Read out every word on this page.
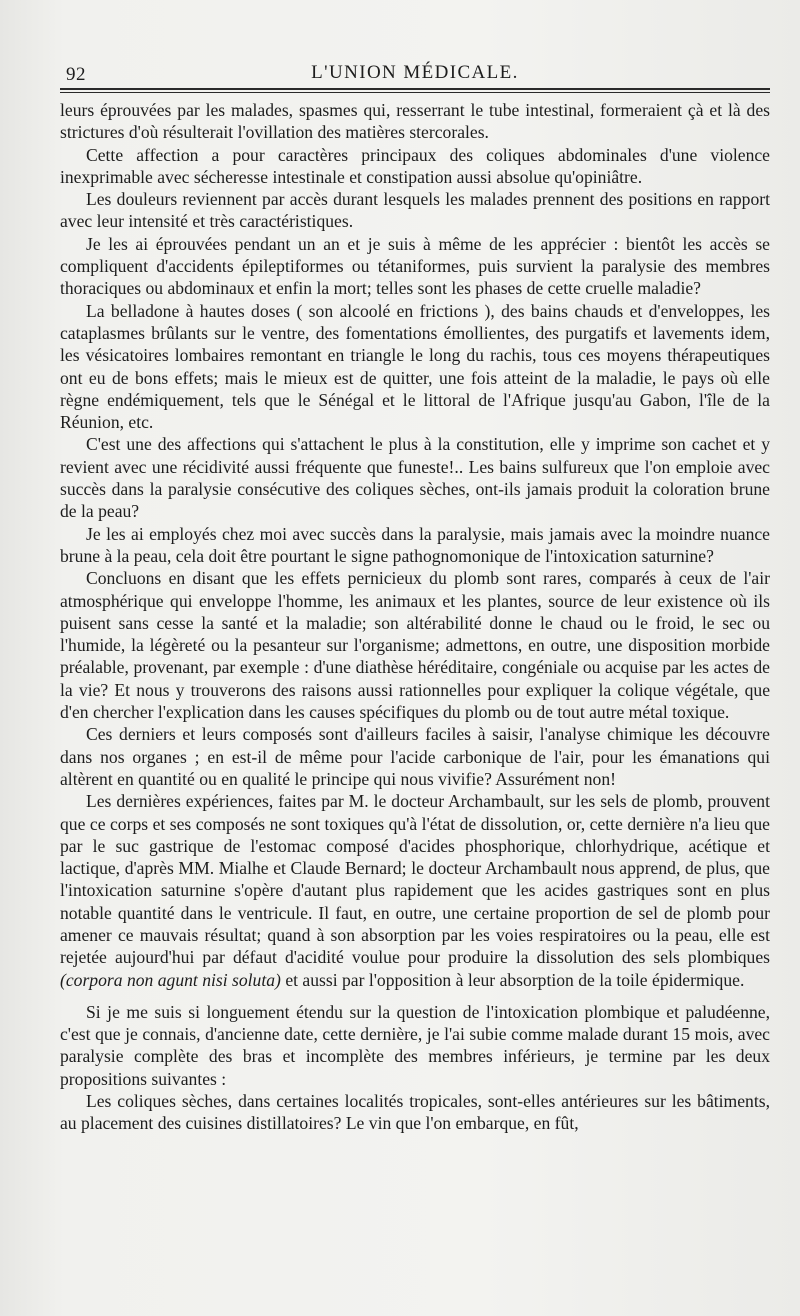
92	L'UNION MÉDICALE.

leurs éprouvées par les malades, spasmes qui, resserrant le tube intestinal, formeraient çà et là des strictures d'où résulterait l'ovillation des matières stercorales.

Cette affection a pour caractères principaux des coliques abdominales d'une violence inexprimable avec sécheresse intestinale et constipation aussi absolue qu'opiniâtre.

Les douleurs reviennent par accès durant lesquels les malades prennent des positions en rapport avec leur intensité et très caractéristiques.

Je les ai éprouvées pendant un an et je suis à même de les apprécier : bientôt les accès se compliquent d'accidents épileptiformes ou tétaniformes, puis survient la paralysie des membres thoraciques ou abdominaux et enfin la mort; telles sont les phases de cette cruelle maladie?

La belladone à hautes doses ( son alcoolé en frictions ), des bains chauds et d'enveloppes, les cataplasmes brûlants sur le ventre, des fomentations émollientes, des purgatifs et lavements idem, les vésicatoires lombaires remontant en triangle le long du rachis, tous ces moyens thérapeutiques ont eu de bons effets; mais le mieux est de quitter, une fois atteint de la maladie, le pays où elle règne endémiquement, tels que le Sénégal et le littoral de l'Afrique jusqu'au Gabon, l'île de la Réunion, etc.

C'est une des affections qui s'attachent le plus à la constitution, elle y imprime son cachet et y revient avec une récidivité aussi fréquente que funeste!.. Les bains sulfureux que l'on emploie avec succès dans la paralysie consécutive des coliques sèches, ont-ils jamais produit la coloration brune de la peau?

Je les ai employés chez moi avec succès dans la paralysie, mais jamais avec la moindre nuance brune à la peau, cela doit être pourtant le signe pathognomonique de l'intoxication saturnine?

Concluons en disant que les effets pernicieux du plomb sont rares, comparés à ceux de l'air atmosphérique qui enveloppe l'homme, les animaux et les plantes, source de leur existence où ils puisent sans cesse la santé et la maladie; son altérabilité donne le chaud ou le froid, le sec ou l'humide, la légèreté ou la pesanteur sur l'organisme; admettons, en outre, une disposition morbide préalable, provenant, par exemple : d'une diathèse héréditaire, congéniale ou acquise par les actes de la vie? Et nous y trouverons des raisons aussi rationnelles pour expliquer la colique végétale, que d'en chercher l'explication dans les causes spécifiques du plomb ou de tout autre métal toxique.

Ces derniers et leurs composés sont d'ailleurs faciles à saisir, l'analyse chimique les découvre dans nos organes ; en est-il de même pour l'acide carbonique de l'air, pour les émanations qui altèrent en quantité ou en qualité le principe qui nous vivifie? Assurément non!

Les dernières expériences, faites par M. le docteur Archambault, sur les sels de plomb, prouvent que ce corps et ses composés ne sont toxiques qu'à l'état de dissolution, or, cette dernière n'a lieu que par le suc gastrique de l'estomac composé d'acides phosphorique, chlorhydrique, acétique et lactique, d'après MM. Mialhe et Claude Bernard; le docteur Archambault nous apprend, de plus, que l'intoxication saturnine s'opère d'autant plus rapidement que les acides gastriques sont en plus notable quantité dans le ventricule. Il faut, en outre, une certaine proportion de sel de plomb pour amener ce mauvais résultat; quand à son absorption par les voies respiratoires ou la peau, elle est rejetée aujourd'hui par défaut d'acidité voulue pour produire la dissolution des sels plombiques (corpora non agunt nisi soluta) et aussi par l'opposition à leur absorption de la toile épidermique.

Si je me suis si longuement étendu sur la question de l'intoxication plombique et paludéenne, c'est que je connais, d'ancienne date, cette dernière, je l'ai subie comme malade durant 15 mois, avec paralysie complète des bras et incomplète des membres inférieurs, je termine par les deux propositions suivantes :

Les coliques sèches, dans certaines localités tropicales, sont-elles antérieures sur les bâtiments, au placement des cuisines distillatoires? Le vin que l'on embarque, en fût,
